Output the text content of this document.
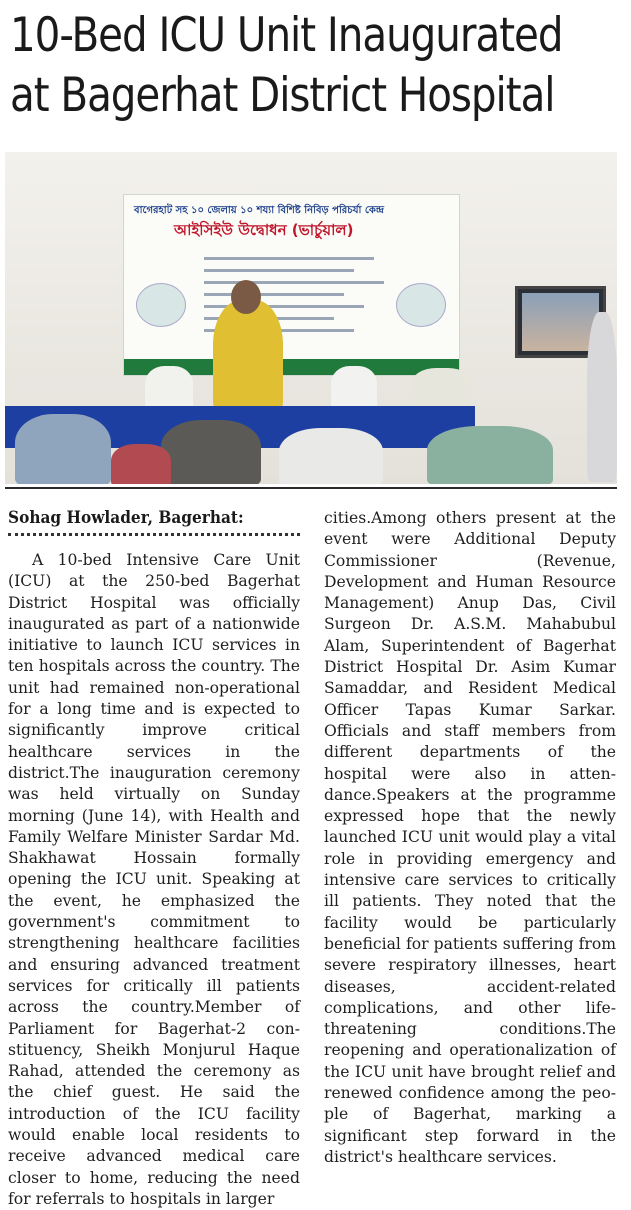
10-Bed ICU Unit Inaugurated
at Bagerhat District Hospital
বাগেরহাট সহ ১০ জেলায় ১০ শয্যা বিশিষ্ট নিবিড় পরিচর্যা কেন্দ্র
আইসিইউ উদ্বোধন (ভার্চুয়াল)
Sohag Howlader, Bagerhat:

A 10-bed Intensive Care Unit (ICU) at the 250-bed Bagerhat District Hospital was officially inaugurated as part of a nationwide initiative to launch ICU services in ten hospitals across the country. The unit had remained non-operational for a long time and is expected to significantly improve critical healthcare services in the district.The inauguration ceremony was held virtually on Sunday morning (June 14), with Health and Family Welfare Minister Sardar Md. Shakhawat Hossain formally opening the ICU unit. Speaking at the event, he emphasized the government's commitment to strengthening healthcare facilities and ensuring advanced treatment services for critically ill patients across the country.Member of Parliament for Bagerhat-2 constituency, Sheikh Monjurul Haque Rahad, attended the ceremony as the chief guest. He said the introduction of the ICU facility would enable local residents to receive advanced medical care closer to home, reducing the need for referrals to hospitals in larger

cities.Among others present at the event were Additional Deputy Commissioner (Revenue, Development and Human Resource Management) Anup Das, Civil Surgeon Dr. A.S.M. Mahabubul Alam, Superintendent of Bagerhat District Hospital Dr. Asim Kumar Samaddar, and Resident Medical Officer Tapas Kumar Sarkar. Officials and staff members from different departments of the hospital were also in attendance.Speakers at the programme expressed hope that the newly launched ICU unit would play a vital role in providing emergency and intensive care services to critically ill patients. They noted that the facility would be particularly beneficial for patients suffering from severe respiratory illnesses, heart diseases, accident-related complications, and other life-threatening conditions.The reopening and operationalization of the ICU unit have brought relief and renewed confidence among the people of Bagerhat, marking a significant step forward in the district's healthcare services.
